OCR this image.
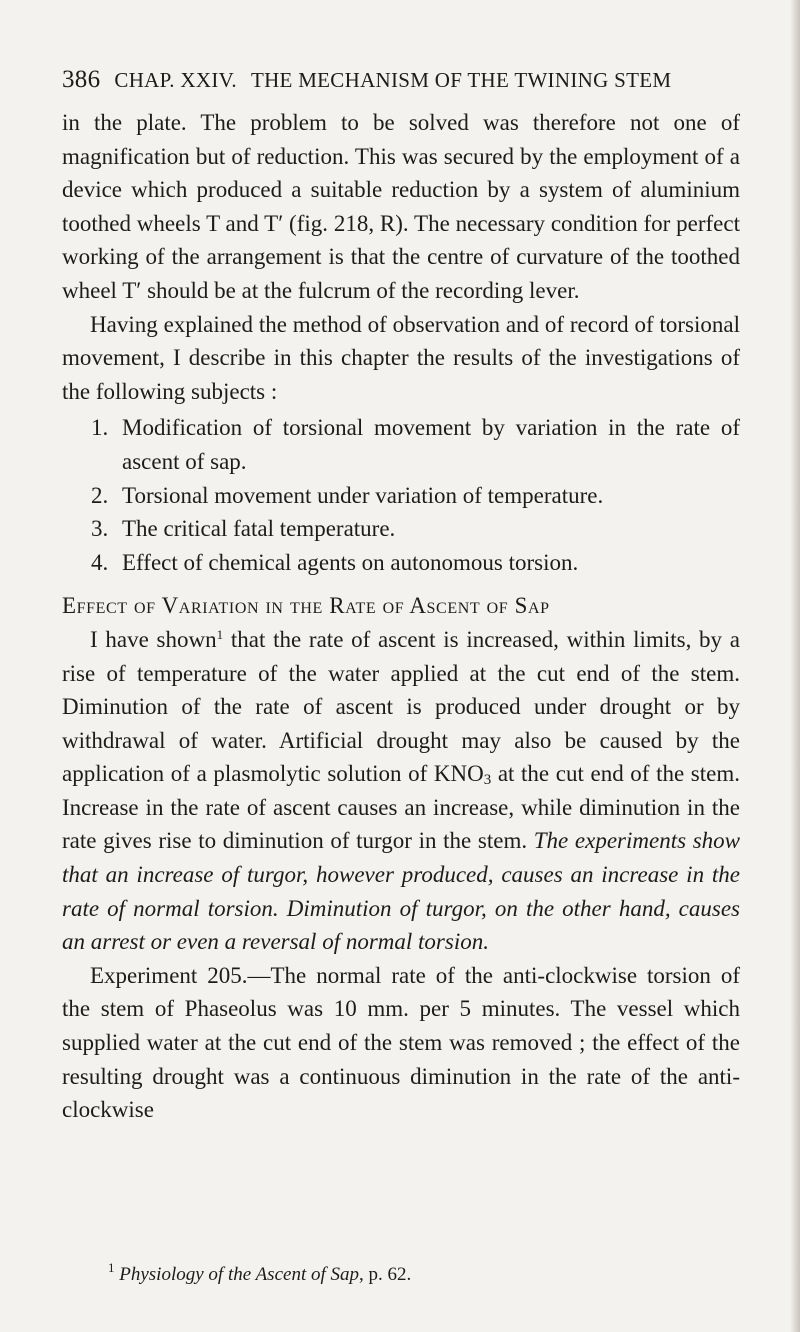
386 CHAP. XXIV. THE MECHANISM OF THE TWINING STEM

in the plate. The problem to be solved was therefore not one of magnification but of reduction. This was secured by the employment of a device which produced a suitable reduction by a system of aluminium toothed wheels T and T′ (fig. 218, R). The necessary condition for perfect working of the arrangement is that the centre of curvature of the toothed wheel T′ should be at the fulcrum of the recording lever.

Having explained the method of observation and of record of torsional movement, I describe in this chapter the results of the investigations of the following subjects :

1. Modification of torsional movement by variation in the rate of ascent of sap.
2. Torsional movement under variation of temperature.
3. The critical fatal temperature.
4. Effect of chemical agents on autonomous torsion.

Effect of Variation in the Rate of Ascent of Sap

I have shown$^1$ that the rate of ascent is increased, within limits, by a rise of temperature of the water applied at the cut end of the stem. Diminution of the rate of ascent is produced under drought or by withdrawal of water. Artificial drought may also be caused by the application of a plasmolytic solution of $KNO_3$ at the cut end of the stem. Increase in the rate of ascent causes an increase, while diminution in the rate gives rise to diminution of turgor in the stem. The experiments show that an increase of turgor, however produced, causes an increase in the rate of normal torsion. Diminution of turgor, on the other hand, causes an arrest or even a reversal of normal torsion.

Experiment 205.—The normal rate of the anti-clockwise torsion of the stem of Phaseolus was 10 mm. per 5 minutes. The vessel which supplied water at the cut end of the stem was removed ; the effect of the resulting drought was a continuous diminution in the rate of the anti-clockwise

$^1$ Physiology of the Ascent of Sap, p. 62.
